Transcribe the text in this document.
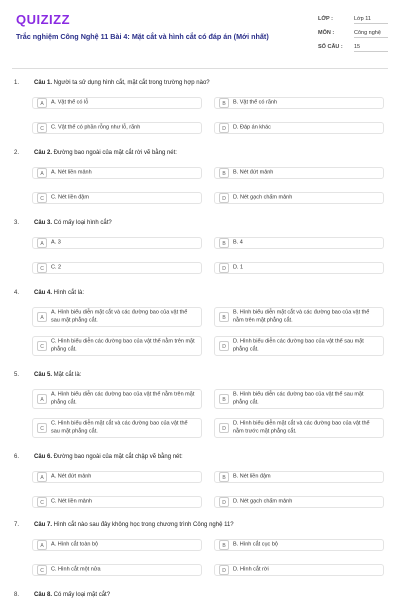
QUIZIZZ
Trắc nghiệm Công Nghệ 11 Bài 4: Mặt cắt và hình cắt có đáp án (Mới nhất)
LỚP :	Lớp 11
MÔN :	Công nghệ
SỐ CÂU : 15
1. Câu 1. Người ta sử dụng hình cắt, mặt cắt trong trường hợp nào?
A	A. Vật thể có lỗ	B	B. Vật thể có rãnh
C	C. Vật thể có phần rỗng như lỗ, rãnh	D	D. Đáp án khác
2. Câu 2. Đường bao ngoài của mặt cắt rời vẽ bằng nét:
A	A. Nét liền mảnh	B	B. Nét đứt mảnh
C	C. Nét liền đậm	D	D. Nét gạch chấm mảnh
3. Câu 3. Có mấy loại hình cắt?
A	A. 3	B	B. 4
C	C. 2	D	D. 1
4. Câu 4. Hình cắt là:
A
A. Hình biểu diễn mặt cắt và các đường bao của vật thể sau mặt phẳng cắt.	B
B. Hình biểu diễn mặt cắt và các đường bao của vật thể nằm trên mặt phẳng cắt.
C
C. Hình biểu diễn các đường bao của vật thể nằm trên mặt phẳng cắt.	D
D. Hình biểu diễn các đường bao của vật thể sau mặt phẳng cắt.
5. Câu 5. Mặt cắt là:
A
A. Hình biểu diễn các đường bao của vật thể nằm trên mặt phẳng cắt.	B
B. Hình biểu diễn các đường bao của vật thể sau mặt phẳng cắt.
C
C. Hình biểu diễn mặt cắt và các đường bao của vật thể sau mặt phẳng cắt.	D
D. Hình biểu diễn mặt cắt và các đường bao của vật thể nằm trước mặt phẳng cắt.
6. Câu 6. Đường bao ngoài của mặt cắt chập vẽ bằng nét:
A	A. Nét đứt mảnh	B	B. Nét liền đậm
C	C. Nét liền mảnh	D	D. Nét gạch chấm mảnh
7. Câu 7. Hình cắt nào sau đây không học trong chương trình Công nghệ 11?
A	A. Hình cắt toàn bộ	B	B. Hình cắt cục bộ
C	C. Hình cắt một nửa	D	D. Hình cắt rời
8. Câu 8. Có mấy loại mặt cắt?
